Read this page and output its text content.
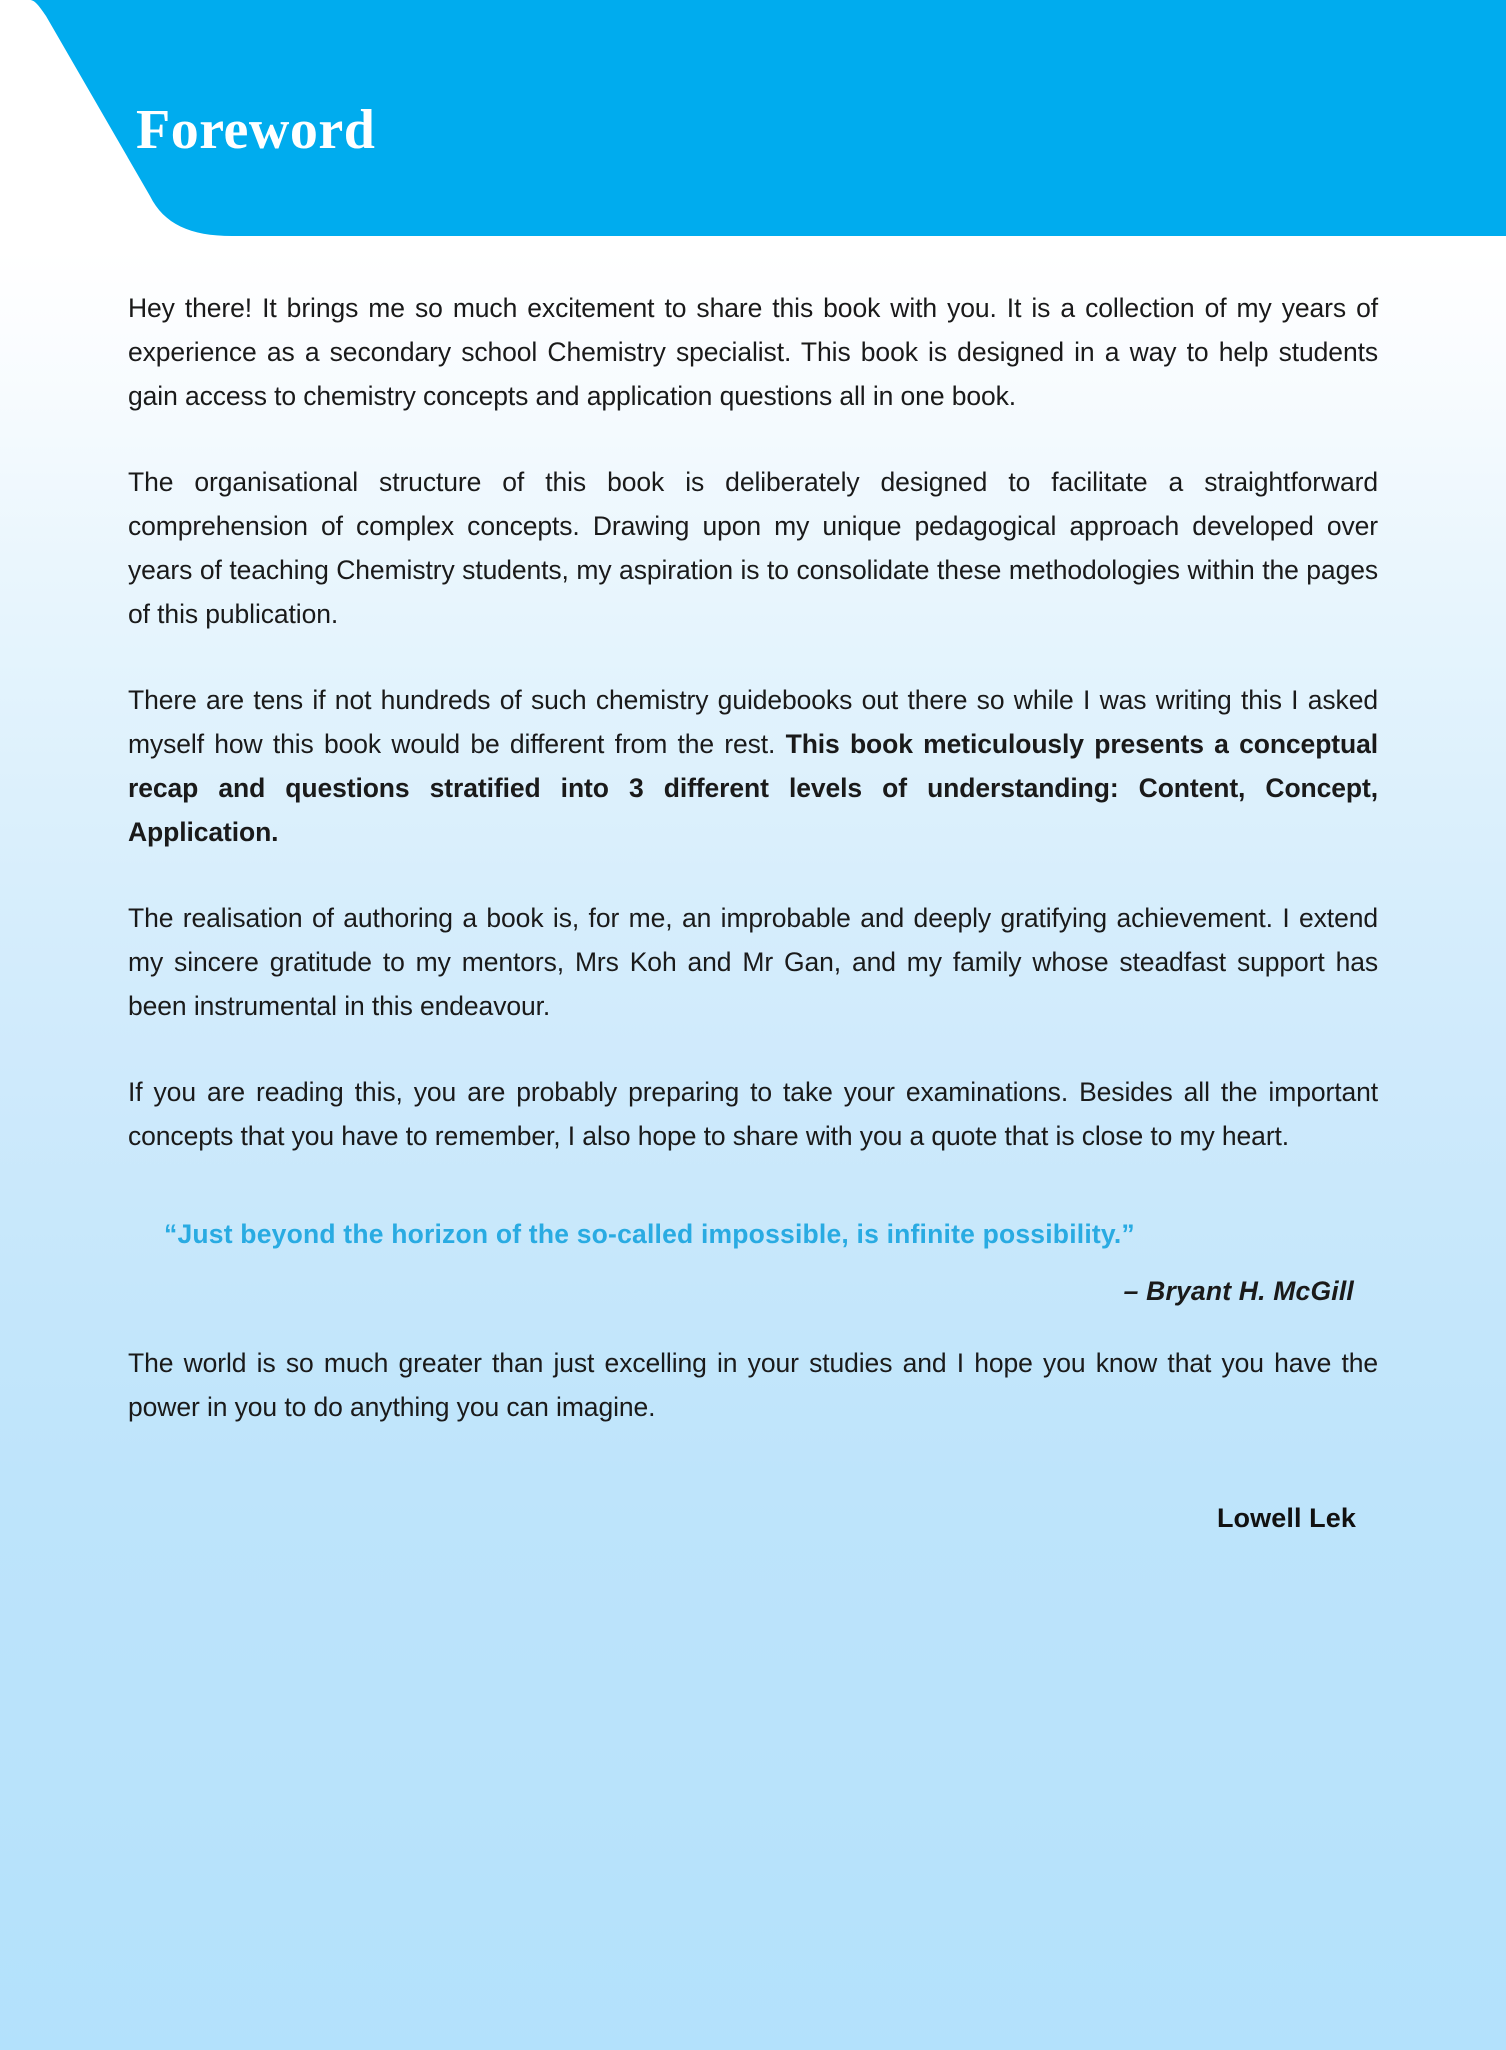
Foreword

Hey there! It brings me so much excitement to share this book with you. It is a collection of my years of experience as a secondary school Chemistry specialist. This book is designed in a way to help students gain access to chemistry concepts and application questions all in one book.

The organisational structure of this book is deliberately designed to facilitate a straightforward comprehension of complex concepts. Drawing upon my unique pedagogical approach developed over years of teaching Chemistry students, my aspiration is to consolidate these methodologies within the pages of this publication.

There are tens if not hundreds of such chemistry guidebooks out there so while I was writing this I asked myself how this book would be different from the rest. This book meticulously presents a conceptual recap and questions stratified into 3 different levels of understanding: Content, Concept, Application.

The realisation of authoring a book is, for me, an improbable and deeply gratifying achievement. I extend my sincere gratitude to my mentors, Mrs Koh and Mr Gan, and my family whose steadfast support has been instrumental in this endeavour.

If you are reading this, you are probably preparing to take your examinations. Besides all the important concepts that you have to remember, I also hope to share with you a quote that is close to my heart.

“Just beyond the horizon of the so-called impossible, is infinite possibility.”
– Bryant H. McGill

The world is so much greater than just excelling in your studies and I hope you know that you have the power in you to do anything you can imagine.

Lowell Lek
